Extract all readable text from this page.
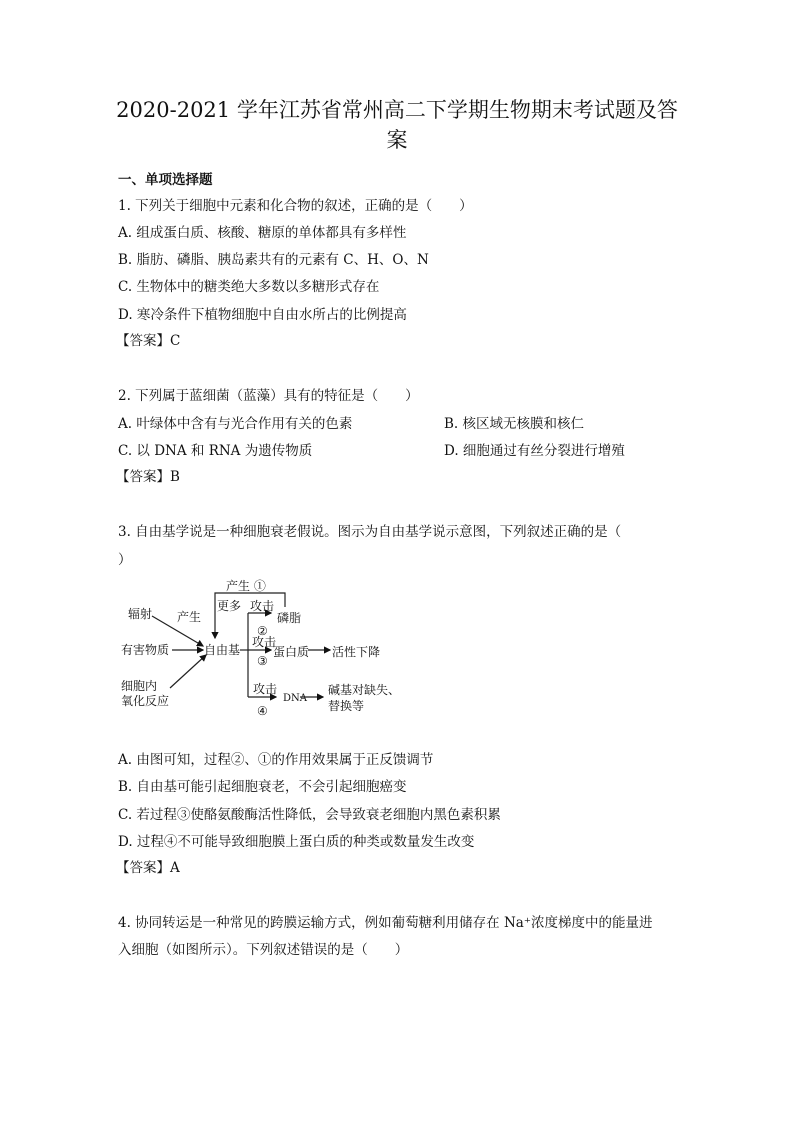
2020-2021 学年江苏省常州高二下学期生物期末考试题及答
案
一、单项选择题
1. 下列关于细胞中元素和化合物的叙述，正确的是（　　）
A. 组成蛋白质、核酸、糖原的单体都具有多样性
B. 脂肪、磷脂、胰岛素共有的元素有 C、H、O、N
C. 生物体中的糖类绝大多数以多糖形式存在
D. 寒冷条件下植物细胞中自由水所占的比例提高
【答案】C
2. 下列属于蓝细菌（蓝藻）具有的特征是（　　）
A. 叶绿体中含有与光合作用有关的色素	B. 核区域无核膜和核仁
C. 以 DNA 和 RNA 为遗传物质	D. 细胞通过有丝分裂进行增殖
【答案】B
3. 自由基学说是一种细胞衰老假说。图示为自由基学说示意图，下列叙述正确的是（
）
辐射 产生
有害物质
细胞内
氧化反应
自由基
产生 ①
更多 攻击
磷脂
②
攻击
蛋白质 活性下降
③
攻击
DNA
碱基对缺失、
替换等
④
A. 由图可知，过程②、①的作用效果属于正反馈调节
B. 自由基可能引起细胞衰老，不会引起细胞癌变
C. 若过程③使酪氨酸酶活性降低，会导致衰老细胞内黑色素积累
D. 过程④不可能导致细胞膜上蛋白质的种类或数量发生改变
【答案】A
4. 协同转运是一种常见的跨膜运输方式，例如葡萄糖利用储存在 Na⁺浓度梯度中的能量进
入细胞（如图所示）。下列叙述错误的是（　　）
